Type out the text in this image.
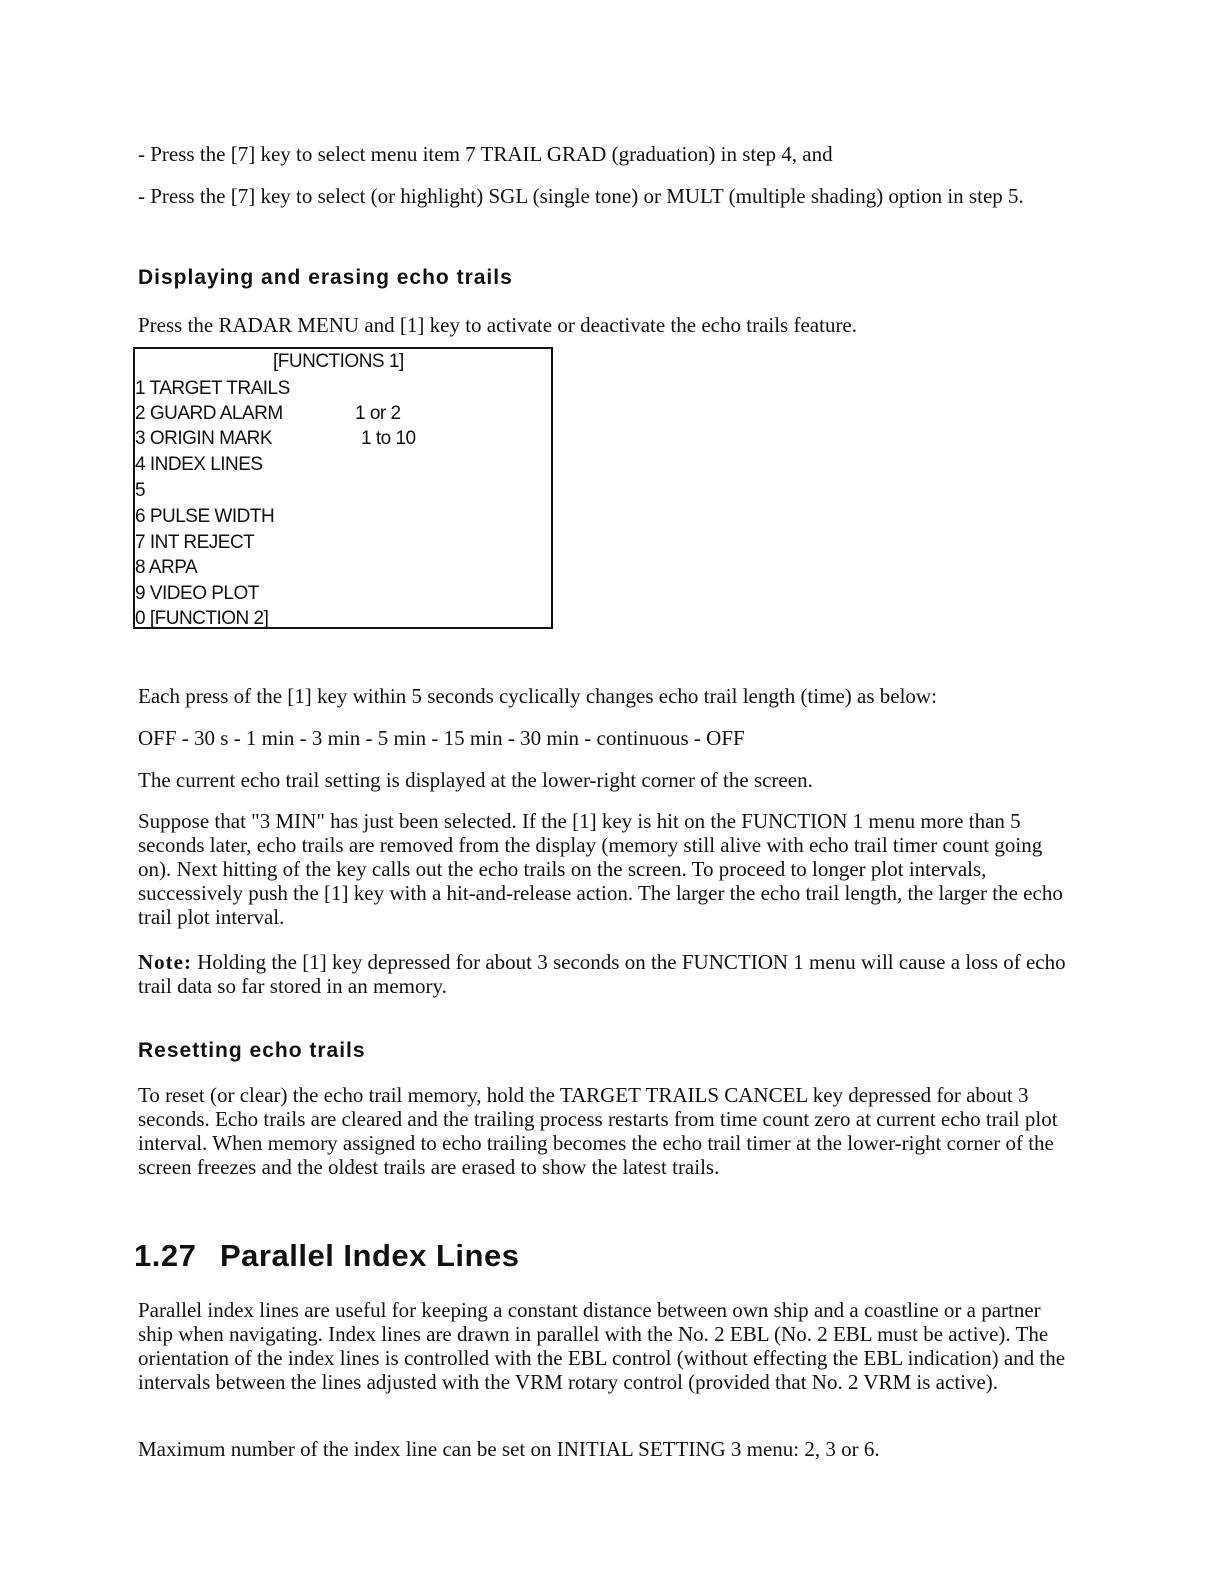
- Press the [7] key to select menu item 7 TRAIL GRAD (graduation) in step 4, and

- Press the [7] key to select (or highlight) SGL (single tone) or MULT (multiple shading) option in step 5.

Displaying and erasing echo trails

Press the RADAR MENU and [1] key to activate or deactivate the echo trails feature.

[FUNCTIONS 1]
1 TARGET TRAILS
2 GUARD ALARM	1 or 2
3 ORIGIN MARK	1 to 10
4 INDEX LINES
5
6 PULSE WIDTH
7 INT REJECT
8 ARPA
9 VIDEO PLOT
0 [FUNCTION 2]

Each press of the [1] key within 5 seconds cyclically changes echo trail length (time) as below:

OFF - 30 s - 1 min - 3 min - 5 min - 15 min - 30 min - continuous - OFF

The current echo trail setting is displayed at the lower-right corner of the screen.

Suppose that "3 MIN" has just been selected. If the [1] key is hit on the FUNCTION 1 menu more than 5 seconds later, echo trails are removed from the display (memory still alive with echo trail timer count going on). Next hitting of the key calls out the echo trails on the screen. To proceed to longer plot intervals, successively push the [1] key with a hit-and-release action. The larger the echo trail length, the larger the echo trail plot interval.

Note: Holding the [1] key depressed for about 3 seconds on the FUNCTION 1 menu will cause a loss of echo trail data so far stored in an memory.

Resetting echo trails

To reset (or clear) the echo trail memory, hold the TARGET TRAILS CANCEL key depressed for about 3 seconds. Echo trails are cleared and the trailing process restarts from time count zero at current echo trail plot interval. When memory assigned to echo trailing becomes the echo trail timer at the lower-right corner of the screen freezes and the oldest trails are erased to show the latest trails.

1.27 Parallel Index Lines

Parallel index lines are useful for keeping a constant distance between own ship and a coastline or a partner ship when navigating. Index lines are drawn in parallel with the No. 2 EBL (No. 2 EBL must be active). The orientation of the index lines is controlled with the EBL control (without effecting the EBL indication) and the intervals between the lines adjusted with the VRM rotary control (provided that No. 2 VRM is active).

Maximum number of the index line can be set on INITIAL SETTING 3 menu: 2, 3 or 6.
